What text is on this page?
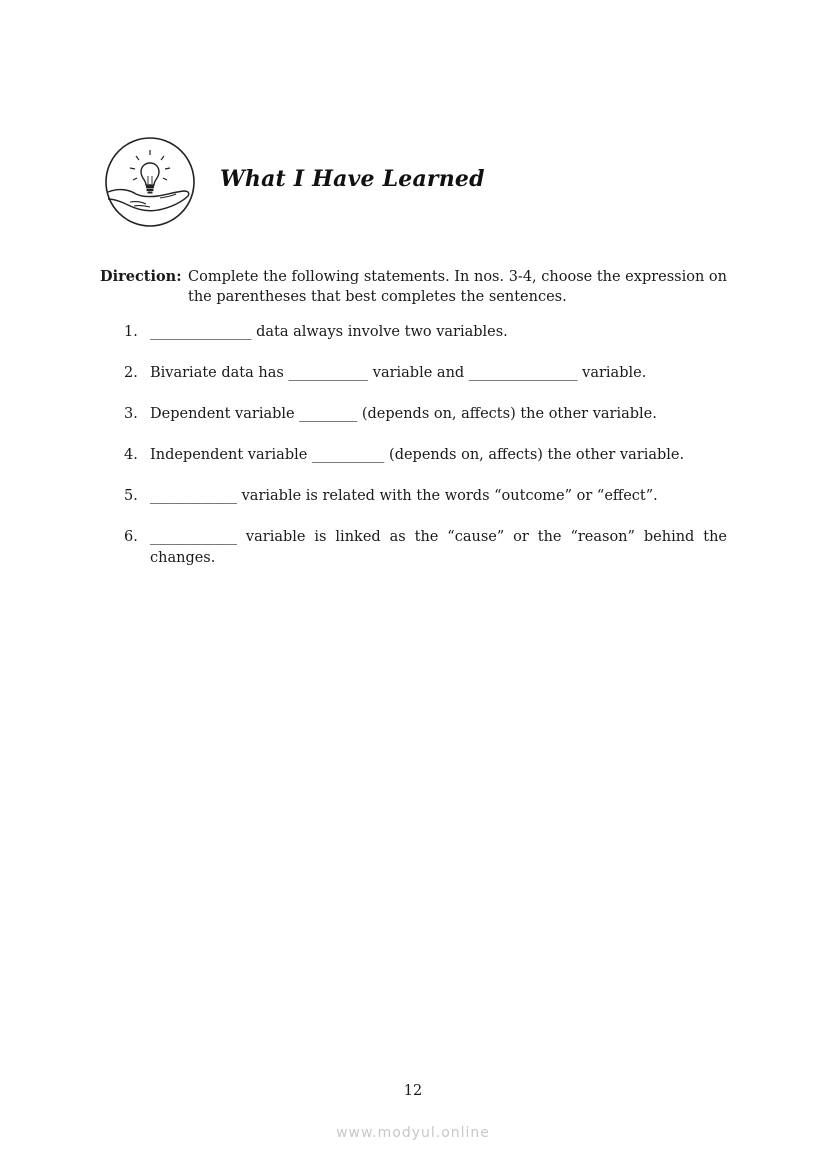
What I Have Learned
Direction: Complete the following statements. In nos. 3-4, choose the expression on the parentheses that best completes the sentences.
1. ______________ data always involve two variables.
2. Bivariate data has ___________ variable and _______________ variable.
3. Dependent variable ________ (depends on, affects) the other variable.
4. Independent variable __________ (depends on, affects) the other variable.
5. ____________ variable is related with the words “outcome” or “effect”.
6. ____________ variable is linked as the “cause” or the “reason” behind the changes.
12
www.modyul.online
